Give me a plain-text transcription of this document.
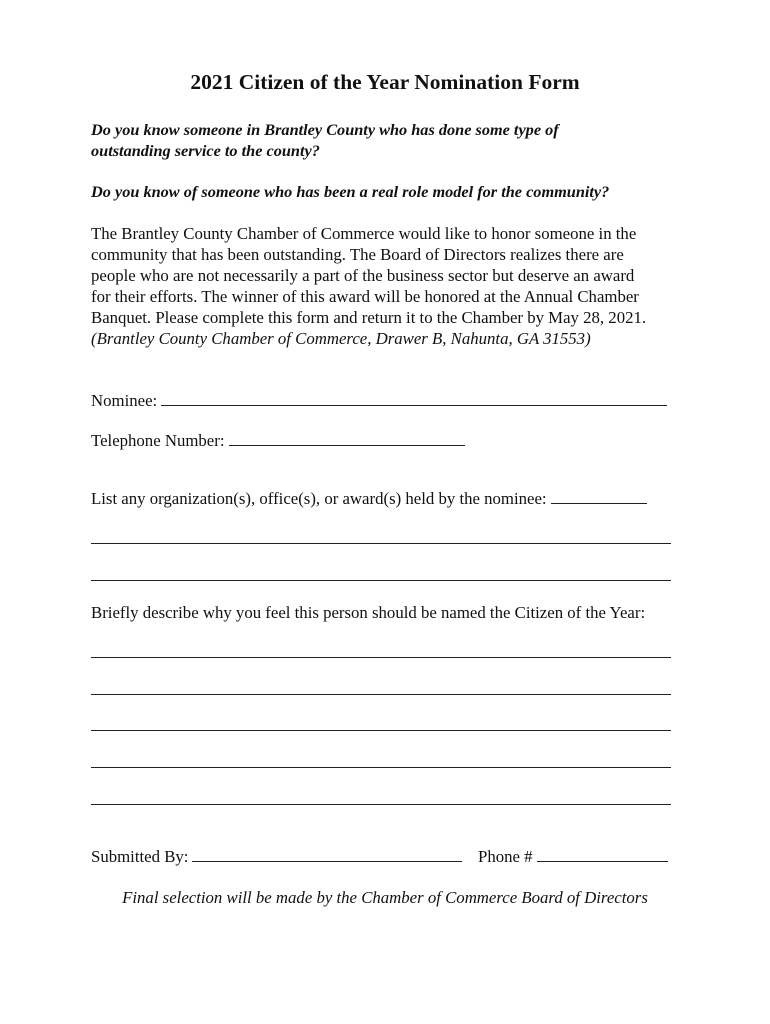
2021 Citizen of the Year Nomination Form
Do you know someone in Brantley County who has done some type of
outstanding service to the county?
Do you know of someone who has been a real role model for the community?
The Brantley County Chamber of Commerce would like to honor someone in the
community that has been outstanding. The Board of Directors realizes there are
people who are not necessarily a part of the business sector but deserve an award
for their efforts. The winner of this award will be honored at the Annual Chamber
Banquet. Please complete this form and return it to the Chamber by May 28, 2021.
(Brantley County Chamber of Commerce, Drawer B, Nahunta, GA 31553)
Nominee:
Telephone Number:
List any organization(s), office(s), or award(s) held by the nominee:
Briefly describe why you feel this person should be named the Citizen of the Year:
Submitted By:	Phone #
Final selection will be made by the Chamber of Commerce Board of Directors
